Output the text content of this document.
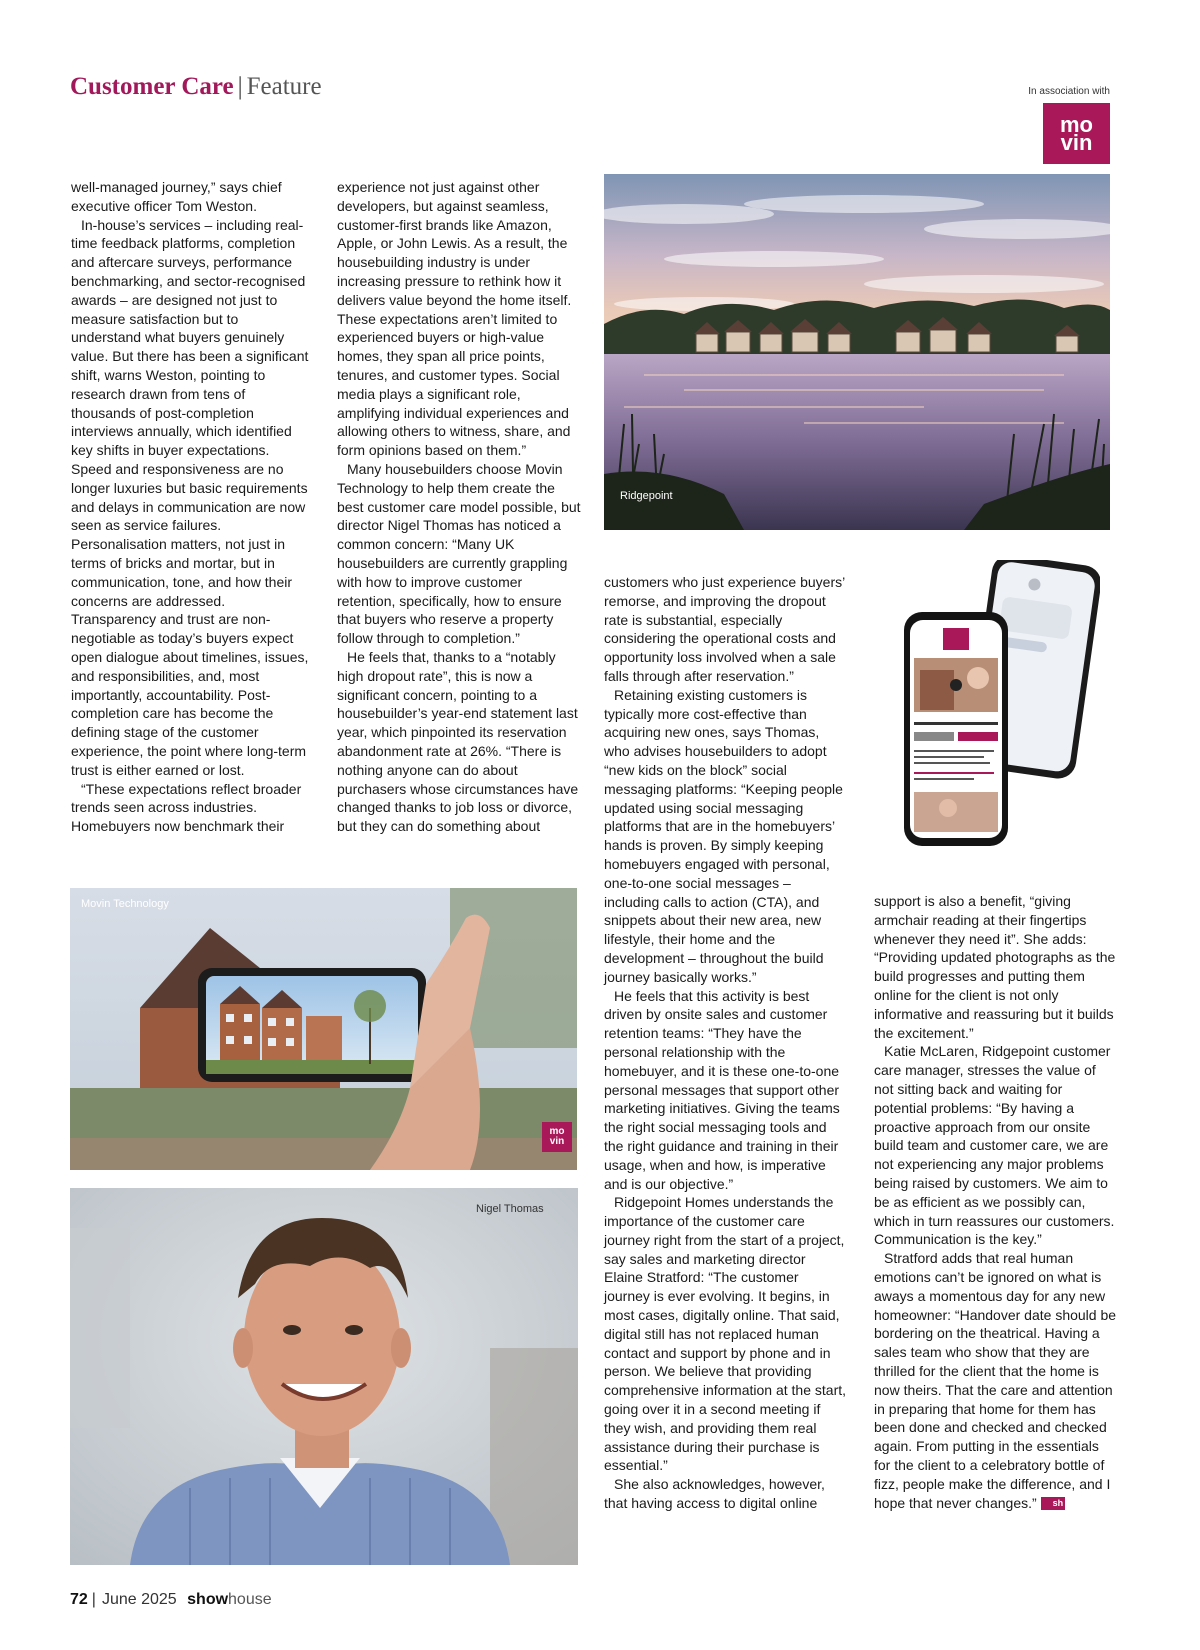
Customer Care | Feature	In association with
mo
vin

well-managed journey,” says chief executive officer Tom Weston.

In-house’s services – including real-time feedback platforms, completion and aftercare surveys, performance benchmarking, and sector-recognised awards – are designed not just to measure satisfaction but to understand what buyers genuinely value. But there has been a significant shift, warns Weston, pointing to research drawn from tens of thousands of post-completion interviews annually, which identified key shifts in buyer expectations. Speed and responsiveness are no longer luxuries but basic requirements and delays in communication are now seen as service failures. Personalisation matters, not just in terms of bricks and mortar, but in communication, tone, and how their concerns are addressed. Transparency and trust are non-negotiable as today’s buyers expect open dialogue about timelines, issues, and responsibilities, and, most importantly, accountability. Post-completion care has become the defining stage of the customer experience, the point where long-term trust is either earned or lost.

“These expectations reflect broader trends seen across industries. Homebuyers now benchmark their

experience not just against other developers, but against seamless, customer-first brands like Amazon, Apple, or John Lewis. As a result, the housebuilding industry is under increasing pressure to rethink how it delivers value beyond the home itself. These expectations aren’t limited to experienced buyers or high-value homes, they span all price points, tenures, and customer types. Social media plays a significant role, amplifying individual experiences and allowing others to witness, share, and form opinions based on them.”

Many housebuilders choose Movin Technology to help them create the best customer care model possible, but director Nigel Thomas has noticed a common concern: “Many UK housebuilders are currently grappling with how to improve customer retention, specifically, how to ensure that buyers who reserve a property follow through to completion.”

He feels that, thanks to a “notably high dropout rate”, this is now a significant concern, pointing to a housebuilder’s year-end statement last year, which pinpointed its reservation abandonment rate at 26%. “There is nothing anyone can do about purchasers whose circumstances have changed thanks to job loss or divorce, but they can do something about

Ridgepoint

customers who just experience buyers’ remorse, and improving the dropout rate is substantial, especially considering the operational costs and opportunity loss involved when a sale falls through after reservation.”

Retaining existing customers is typically more cost-effective than acquiring new ones, says Thomas, who advises housebuilders to adopt “new kids on the block” social messaging platforms: “Keeping people updated using social messaging platforms that are in the homebuyers’ hands is proven. By simply keeping homebuyers engaged with personal, one-to-one social messages – including calls to action (CTA), and snippets about their new area, new lifestyle, their home and the development – throughout the build journey basically works.”

He feels that this activity is best driven by onsite sales and customer retention teams: “They have the personal relationship with the homebuyer, and it is these one-to-one personal messages that support other marketing initiatives. Giving the teams the right social messaging tools and the right guidance and training in their usage, when and how, is imperative and is our objective.”

Ridgepoint Homes understands the importance of the customer care journey right from the start of a project, say sales and marketing director Elaine Stratford: “The customer journey is ever evolving. It begins, in most cases, digitally online. That said, digital still has not replaced human contact and support by phone and in person. We believe that providing comprehensive information at the start, going over it in a second meeting if they wish, and providing them real assistance during their purchase is essential.”

She also acknowledges, however, that having access to digital online

support is also a benefit, “giving armchair reading at their fingertips whenever they need it”. She adds: “Providing updated photographs as the build progresses and putting them online for the client is not only informative and reassuring but it builds the excitement.”

Katie McLaren, Ridgepoint customer care manager, stresses the value of not sitting back and waiting for potential problems: “By having a proactive approach from our onsite build team and customer care, we are not experiencing any major problems being raised by customers. We aim to be as efficient as we possibly can, which in turn reassures our customers. Communication is the key.”

Stratford adds that real human emotions can’t be ignored on what is aways a momentous day for any new homeowner: “Handover date should be bordering on the theatrical. Having a sales team who show that they are thrilled for the client that the home is now theirs. That the care and attention in preparing that home for them has been done and checked and checked again. From putting in the essentials for the client to a celebratory bottle of fizz, people make the difference, and I hope that never changes.” sh

Movin Technology
mo
vin
Nigel Thomas
72 | June 2025 showhouse
